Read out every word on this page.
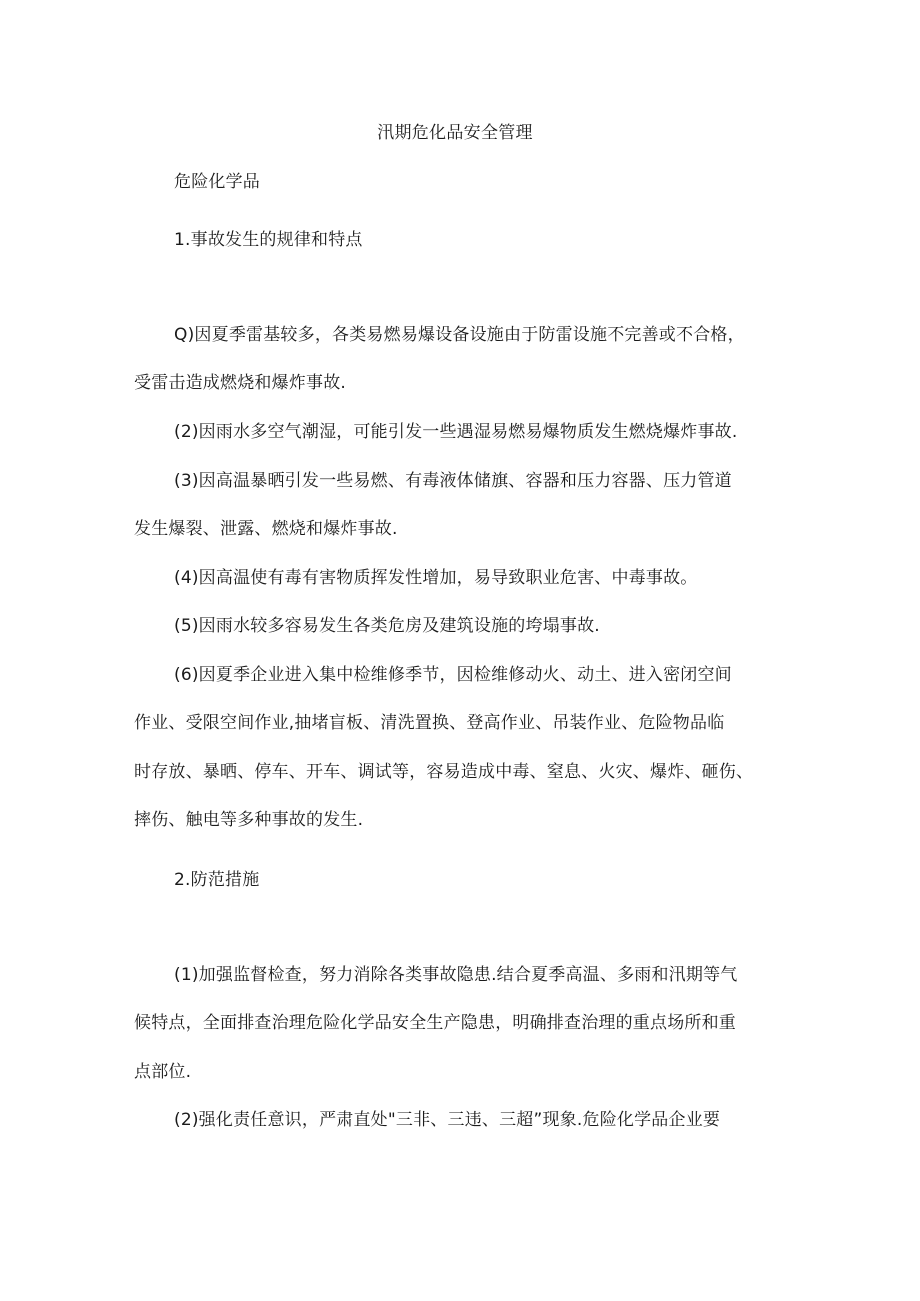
汛期危化品安全管理
危险化学品
1.事故发生的规律和特点
Q)因夏季雷基较多，各类易燃易爆设备设施由于防雷设施不完善或不合格，
受雷击造成燃烧和爆炸事故.
(2)因雨水多空气潮湿，可能引发一些遇湿易燃易爆物质发生燃烧爆炸事故.
(3)因高温暴晒引发一些易燃、有毒液体储旗、容器和压力容器、压力管道
发生爆裂、泄露、燃烧和爆炸事故.
(4)因高温使有毒有害物质挥发性增加，易导致职业危害、中毒事故。
(5)因雨水较多容易发生各类危房及建筑设施的垮塌事故.
(6)因夏季企业进入集中检维修季节，因检维修动火、动土、进入密闭空间
作业、受限空间作业,抽堵盲板、清洗置换、登高作业、吊装作业、危险物品临
时存放、暴晒、停车、开车、调试等，容易造成中毒、窒息、火灾、爆炸、砸伤、
摔伤、触电等多种事故的发生.
2.防范措施
(1)加强监督检查，努力消除各类事故隐患.结合夏季高温、多雨和汛期等气
候特点，全面排查治理危险化学品安全生产隐患，明确排查治理的重点场所和重
点部位.
(2)强化责任意识，严肃直处"三非、三违、三超”现象.危险化学品企业要
